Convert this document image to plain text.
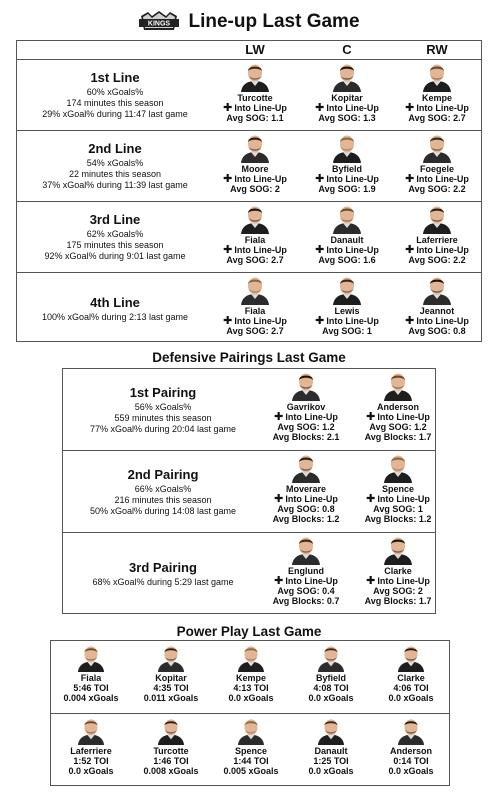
KINGS Line-up Last Game
LW	C	RW
1st Line
60% xGoals%
174 minutes this season
29% xGoal% during 11:47 last game
Turcotte
✚ Into Line-Up
Avg SOG: 1.1
Kopitar
✚ Into Line-Up
Avg SOG: 1.3
Kempe
✚ Into Line-Up
Avg SOG: 2.7
2nd Line
54% xGoals%
22 minutes this season
37% xGoal% during 11:39 last game
Moore
✚ Into Line-Up
Avg SOG: 2
Byfield
✚ Into Line-Up
Avg SOG: 1.9
Foegele
✚ Into Line-Up
Avg SOG: 2.2
3rd Line
62% xGoals%
175 minutes this season
92% xGoal% during 9:01 last game
Fiala
✚ Into Line-Up
Avg SOG: 2.7
Danault
✚ Into Line-Up
Avg SOG: 1.6
Laferriere
✚ Into Line-Up
Avg SOG: 2.2
4th Line
100% xGoal% during 2:13 last game
Fiala
✚ Into Line-Up
Avg SOG: 2.7
Lewis
✚ Into Line-Up
Avg SOG: 1
Jeannot
✚ Into Line-Up
Avg SOG: 0.8
Defensive Pairings Last Game
1st Pairing
56% xGoals%
559 minutes this season
77% xGoal% during 20:04 last game
Gavrikov
✚ Into Line-Up
Avg SOG: 1.2
Avg Blocks: 2.1
Anderson
✚ Into Line-Up
Avg SOG: 1.2
Avg Blocks: 1.7
2nd Pairing
66% xGoals%
216 minutes this season
50% xGoal% during 14:08 last game
Moverare
✚ Into Line-Up
Avg SOG: 0.8
Avg Blocks: 1.2
Spence
✚ Into Line-Up
Avg SOG: 1
Avg Blocks: 1.2
3rd Pairing
68% xGoal% during 5:29 last game
Englund
✚ Into Line-Up
Avg SOG: 0.4
Avg Blocks: 0.7
Clarke
✚ Into Line-Up
Avg SOG: 2
Avg Blocks: 1.7
Power Play Last Game
Fiala
5:46 TOI
0.004 xGoals
Kopitar
4:35 TOI
0.011 xGoals
Kempe
4:13 TOI
0.0 xGoals
Byfield
4:08 TOI
0.0 xGoals
Clarke
4:06 TOI
0.0 xGoals
Laferriere
1:52 TOI
0.0 xGoals
Turcotte
1:46 TOI
0.008 xGoals
Spence
1:44 TOI
0.005 xGoals
Danault
1:25 TOI
0.0 xGoals
Anderson
0:14 TOI
0.0 xGoals
